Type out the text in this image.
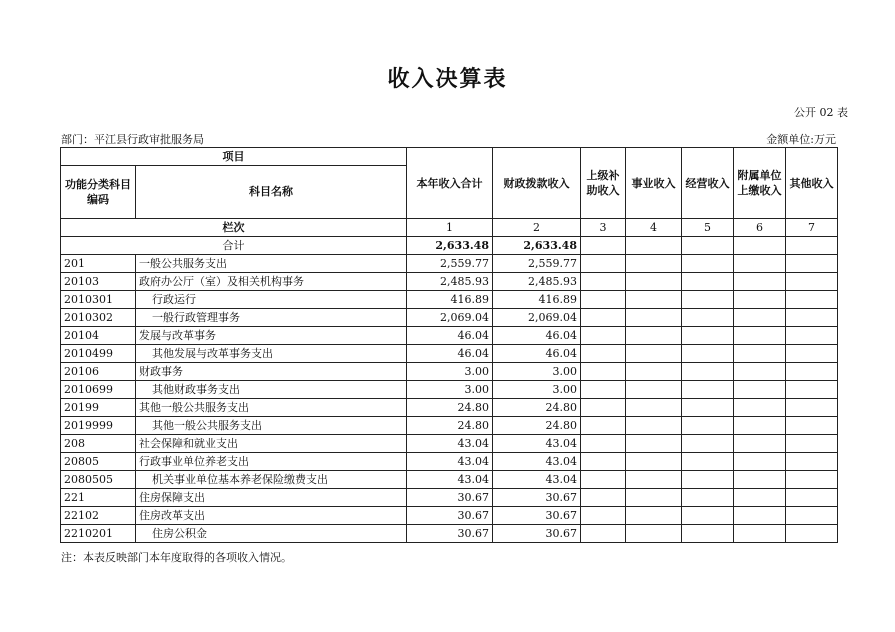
收入决算表
公开 02 表
部门：平江县行政审批服务局	金额单位:万元
项目		本年收入合计	财政拨款收入	上级补助收入	事业收入	经营收入	附属单位上缴收入	其他收入
功能分类科目编码	科目名称							
栏次		1	2	3	4	5	6	7
合计		2,633.48	2,633.48					
201	一般公共服务支出	2,559.77	2,559.77					
20103	政府办公厅（室）及相关机构事务	2,485.93	2,485.93					
2010301	行政运行	416.89	416.89					
2010302	一般行政管理事务	2,069.04	2,069.04					
20104	发展与改革事务	46.04	46.04					
2010499	其他发展与改革事务支出	46.04	46.04					
20106	财政事务	3.00	3.00					
2010699	其他财政事务支出	3.00	3.00					
20199	其他一般公共服务支出	24.80	24.80					
2019999	其他一般公共服务支出	24.80	24.80					
208	社会保障和就业支出	43.04	43.04					
20805	行政事业单位养老支出	43.04	43.04					
2080505	机关事业单位基本养老保险缴费支出	43.04	43.04					
221	住房保障支出	30.67	30.67					
22102	住房改革支出	30.67	30.67					
2210201	住房公积金	30.67	30.67					
注：本表反映部门本年度取得的各项收入情况。
